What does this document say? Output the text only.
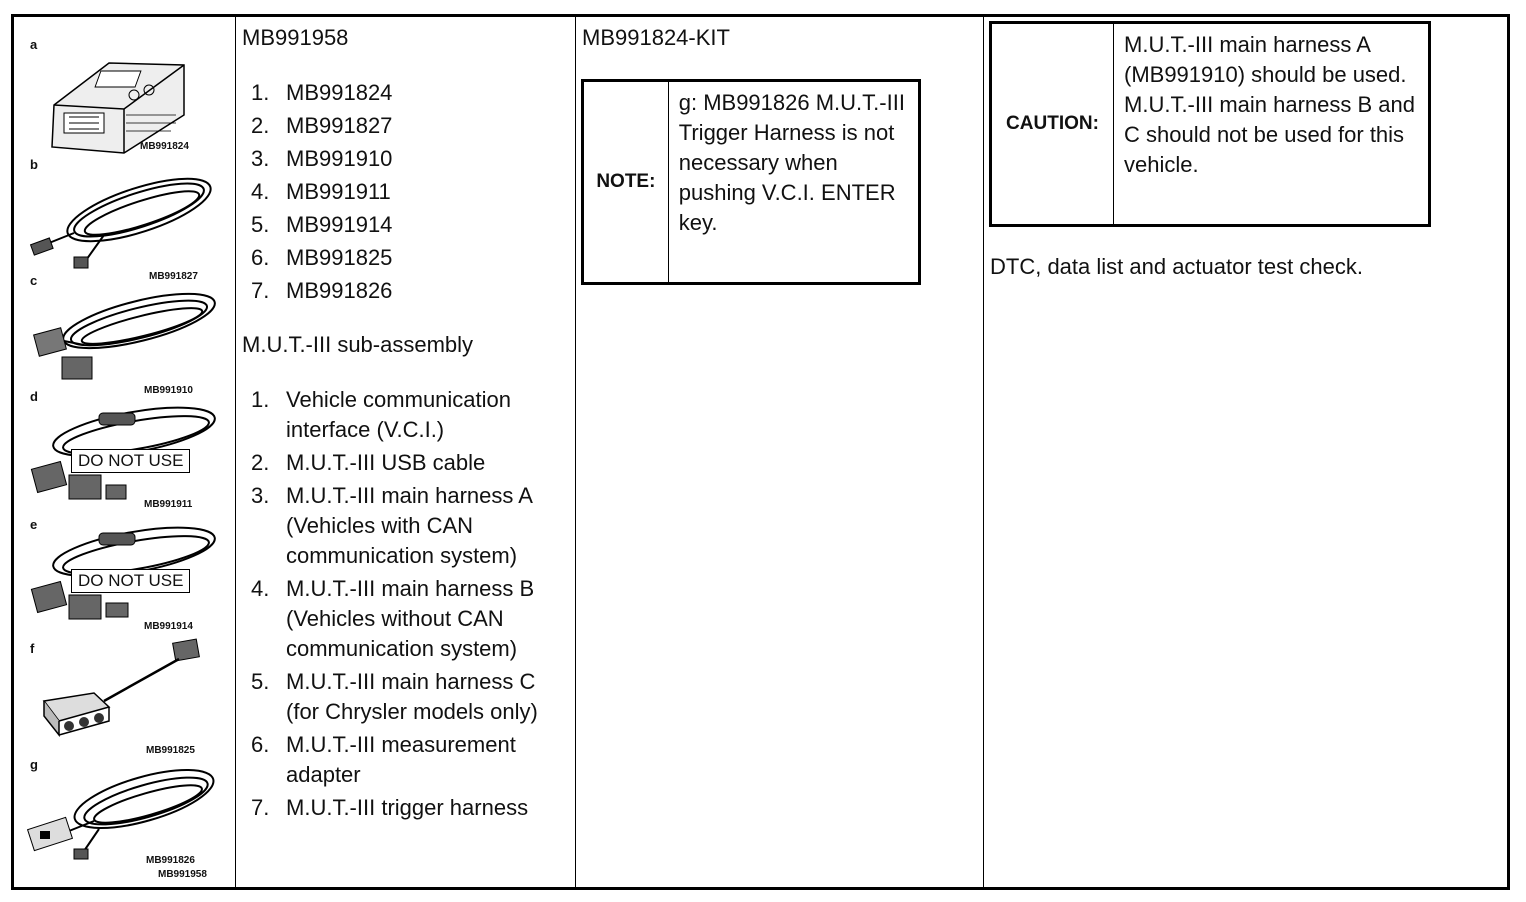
a
MB991824
b
MB991827
c
MB991910
d
DO NOT USE
MB991911
e
DO NOT USE
MB991914
f
MB991825
g
MB991826
MB991958
MB991958
1. MB991824
2. MB991827
3. MB991910
4. MB991911
5. MB991914
6. MB991825
7. MB991826
M.U.T.-III sub-assembly
1. Vehicle communication interface (V.C.I.)
2. M.U.T.-III USB cable
3. M.U.T.-III main harness A (Vehicles with CAN communication system)
4. M.U.T.-III main harness B (Vehicles without CAN communication system)
5. M.U.T.-III main harness C (for Chrysler models only)
6. M.U.T.-III measurement adapter
7. M.U.T.-III trigger harness
MB991824-KIT
NOTE:
g: MB991826 M.U.T.-III Trigger Harness is not necessary when pushing V.C.I. ENTER key.
CAUTION:
M.U.T.-III main harness A (MB991910) should be used. M.U.T.-III main harness B and C should not be used for this vehicle.
DTC, data list and actuator test check.
